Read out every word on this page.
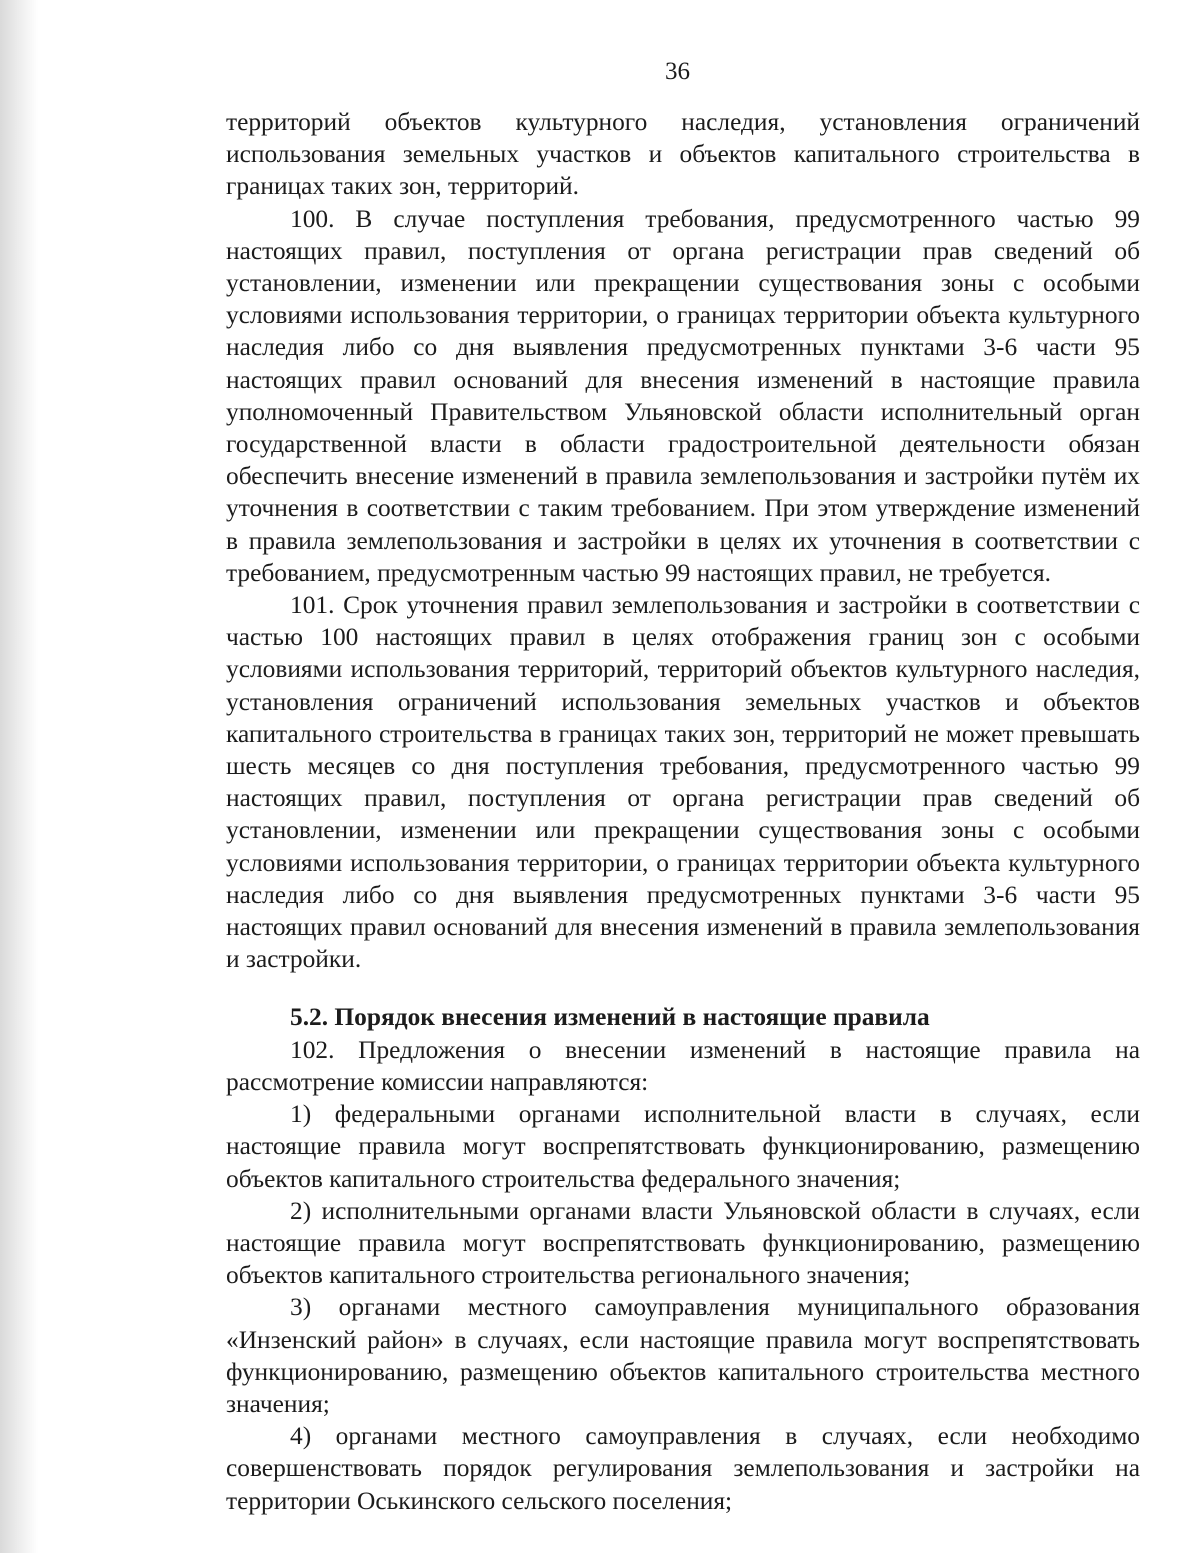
36

территорий объектов культурного наследия, установления ограничений использования земельных участков и объектов капитального строительства в границах таких зон, территорий.

100. В случае поступления требования, предусмотренного частью 99 настоящих правил, поступления от органа регистрации прав сведений об установлении, изменении или прекращении существования зоны с особыми условиями использования территории, о границах территории объекта культурного наследия либо со дня выявления предусмотренных пунктами 3-6 части 95 настоящих правил оснований для внесения изменений в настоящие правила уполномоченный Правительством Ульяновской области исполнительный орган государственной власти в области градостроительной деятельности обязан обеспечить внесение изменений в правила землепользования и застройки путём их уточнения в соответствии с таким требованием. При этом утверждение изменений в правила землепользования и застройки в целях их уточнения в соответствии с требованием, предусмотренным частью 99 настоящих правил, не требуется.

101. Срок уточнения правил землепользования и застройки в соответствии с частью 100 настоящих правил в целях отображения границ зон с особыми условиями использования территорий, территорий объектов культурного наследия, установления ограничений использования земельных участков и объектов капитального строительства в границах таких зон, территорий не может превышать шесть месяцев со дня поступления требования, предусмотренного частью 99 настоящих правил, поступления от органа регистрации прав сведений об установлении, изменении или прекращении существования зоны с особыми условиями использования территории, о границах территории объекта культурного наследия либо со дня выявления предусмотренных пунктами 3-6 части 95 настоящих правил оснований для внесения изменений в правила землепользования и застройки.

5.2. Порядок внесения изменений в настоящие правила

102. Предложения о внесении изменений в настоящие правила на рассмотрение комиссии направляются:

1) федеральными органами исполнительной власти в случаях, если настоящие правила могут воспрепятствовать функционированию, размещению объектов капитального строительства федерального значения;

2) исполнительными органами власти Ульяновской области в случаях, если настоящие правила могут воспрепятствовать функционированию, размещению объектов капитального строительства регионального значения;

3) органами местного самоуправления муниципального образования «Инзенский район» в случаях, если настоящие правила могут воспрепятствовать функционированию, размещению объектов капитального строительства местного значения;

4) органами местного самоуправления в случаях, если необходимо совершенствовать порядок регулирования землепользования и застройки на территории Оськинского сельского поселения;
